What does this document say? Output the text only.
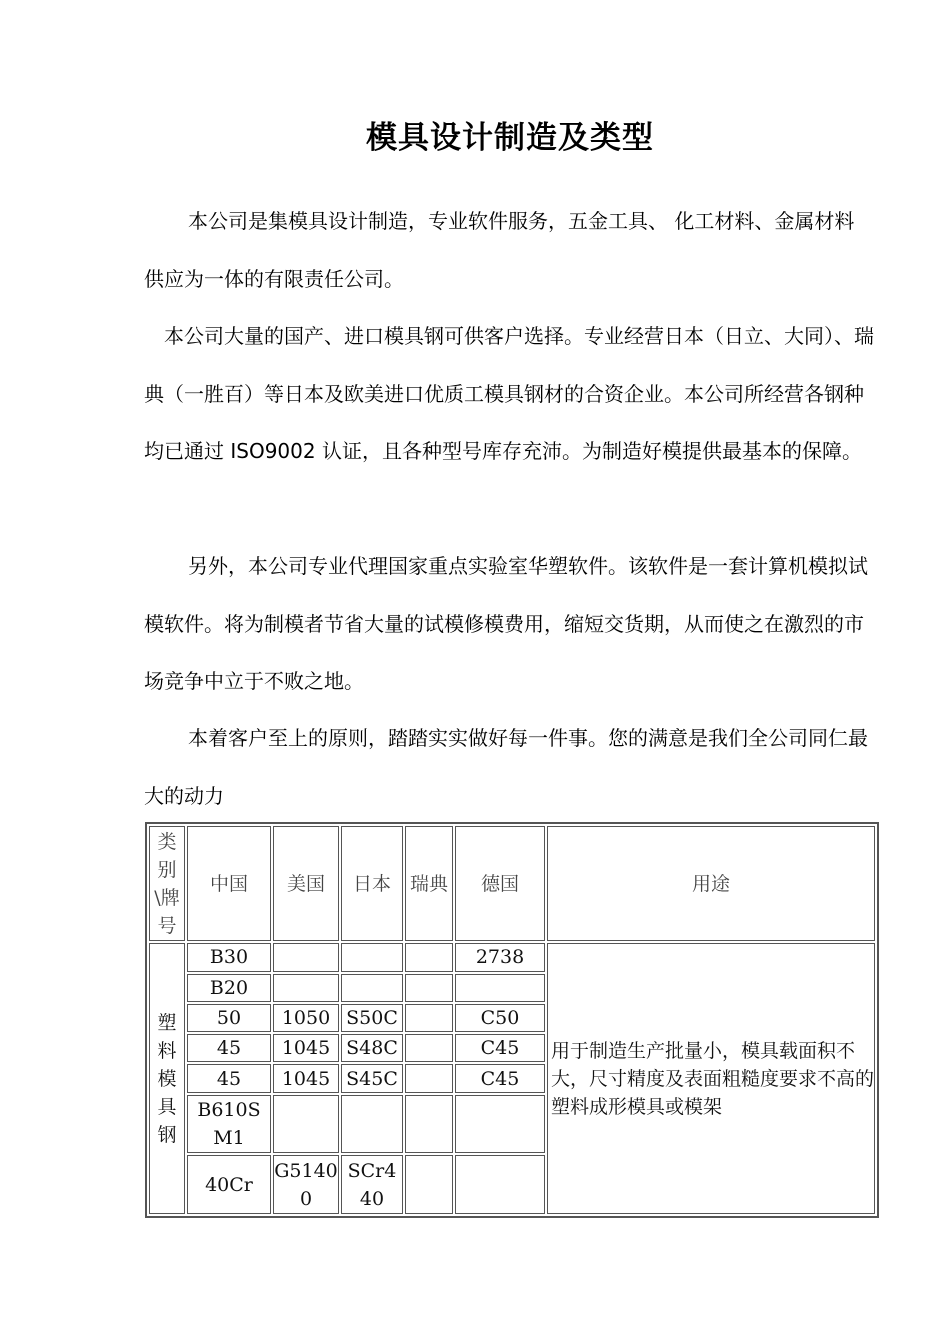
模具设计制造及类型

本公司是集模具设计制造，专业软件服务，五金工具、 化工材料、金属材料供应为一体的有限责任公司。

本公司大量的国产、进口模具钢可供客户选择。专业经营日本（日立、大同）、瑞典（一胜百）等日本及欧美进口优质工模具钢材的合资企业。本公司所经营各钢种均已通过 ISO9002 认证，且各种型号库存充沛。为制造好模提供最基本的保障。

另外，本公司专业代理国家重点实验室华塑软件。该软件是一套计算机模拟试模软件。将为制模者节省大量的试模修模费用，缩短交货期，从而使之在激烈的市场竞争中立于不败之地。

本着客户至上的原则，踏踏实实做好每一件事。您的满意是我们全公司同仁最大的动力

类别\牌号	中国	美国	日本	瑞典	德国	用途
塑料模具钢	B30				2738	用于制造生产批量小，模具载面积不大，尺寸精度及表面粗糙度要求不高的塑料成形模具或模架
	B20					
	50	1050	S50C		C50	
	45	1045	S48C		C45	
	45	1045	S45C		C45	
	B610SM1					
	40Cr	G51400	SCr440			
